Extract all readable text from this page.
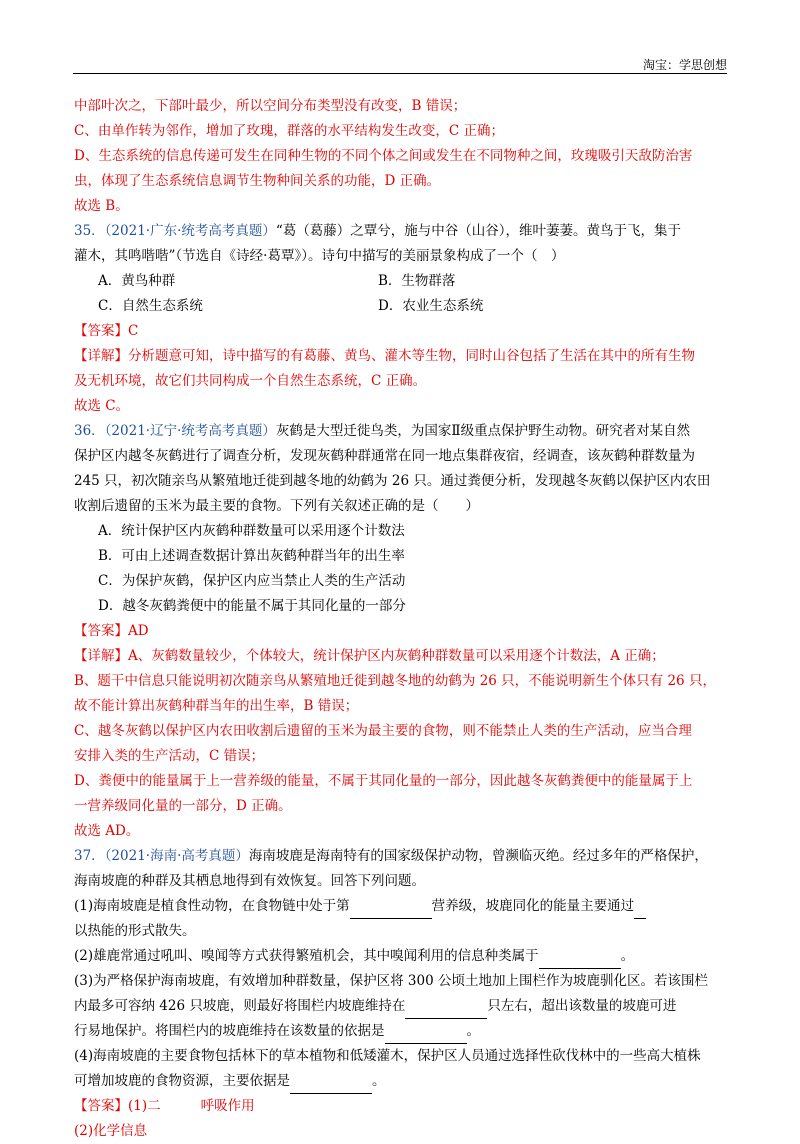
淘宝：学思创想
中部叶次之，下部叶最少，所以空间分布类型没有改变，B 错误；
C、由单作转为邻作，增加了玫瑰，群落的水平结构发生改变，C 正确；
D、生态系统的信息传递可发生在同种生物的不同个体之间或发生在不同物种之间，玫瑰吸引天敌防治害
虫，体现了生态系统信息调节生物种间关系的功能，D 正确。
故选 B。
35．（2021·广东·统考高考真题）“葛（葛藤）之覃兮，施与中谷（山谷），维叶萋萋。黄鸟于飞，集于
灌木，其鸣喈喈”（节选自《诗经·葛覃》）。诗句中描写的美丽景象构成了一个（　）
A．黄鸟种群	B．生物群落
C．自然生态系统	D．农业生态系统
【答案】C
【详解】分析题意可知，诗中描写的有葛藤、黄鸟、灌木等生物，同时山谷包括了生活在其中的所有生物
及无机环境，故它们共同构成一个自然生态系统，C 正确。
故选 C。
36．（2021·辽宁·统考高考真题）灰鹤是大型迁徙鸟类，为国家Ⅱ级重点保护野生动物。研究者对某自然
保护区内越冬灰鹤进行了调查分析，发现灰鹤种群通常在同一地点集群夜宿，经调查，该灰鹤种群数量为
245 只，初次随亲鸟从繁殖地迁徙到越冬地的幼鹤为 26 只。通过粪便分析，发现越冬灰鹤以保护区内农田
收割后遗留的玉米为最主要的食物。下列有关叙述正确的是（　　）
A．统计保护区内灰鹤种群数量可以采用逐个计数法
B．可由上述调查数据计算出灰鹤种群当年的出生率
C．为保护灰鹤，保护区内应当禁止人类的生产活动
D．越冬灰鹤粪便中的能量不属于其同化量的一部分
【答案】AD
【详解】A、灰鹤数量较少，个体较大，统计保护区内灰鹤种群数量可以采用逐个计数法，A 正确；
B、题干中信息只能说明初次随亲鸟从繁殖地迁徙到越冬地的幼鹤为 26 只，不能说明新生个体只有 26 只，
故不能计算出灰鹤种群当年的出生率，B 错误；
C、越冬灰鹤以保护区内农田收割后遗留的玉米为最主要的食物，则不能禁止人类的生产活动，应当合理
安排入类的生产活动，C 错误；
D、粪便中的能量属于上一营养级的能量，不属于其同化量的一部分，因此越冬灰鹤粪便中的能量属于上
一营养级同化量的一部分，D 正确。
故选 AD。
37．（2021·海南·高考真题）海南坡鹿是海南特有的国家级保护动物，曾濒临灭绝。经过多年的严格保护，
海南坡鹿的种群及其栖息地得到有效恢复。回答下列问题。
(1)海南坡鹿是植食性动物，在食物链中处于第	营养级，坡鹿同化的能量主要通过
以热能的形式散失。
(2)雄鹿常通过吼叫、嗅闻等方式获得繁殖机会，其中嗅闻利用的信息种类属于	。
(3)为严格保护海南坡鹿，有效增加种群数量，保护区将 300 公顷土地加上围栏作为坡鹿驯化区。若该围栏
内最多可容纳 426 只坡鹿，则最好将围栏内坡鹿维持在	只左右，超出该数量的坡鹿可进
行易地保护。将围栏内的坡鹿维持在该数量的依据是	。
(4)海南坡鹿的主要食物包括林下的草本植物和低矮灌木，保护区人员通过选择性砍伐林中的一些高大植株
可增加坡鹿的食物资源，主要依据是	。
【答案】(1)二	呼吸作用
(2)化学信息
